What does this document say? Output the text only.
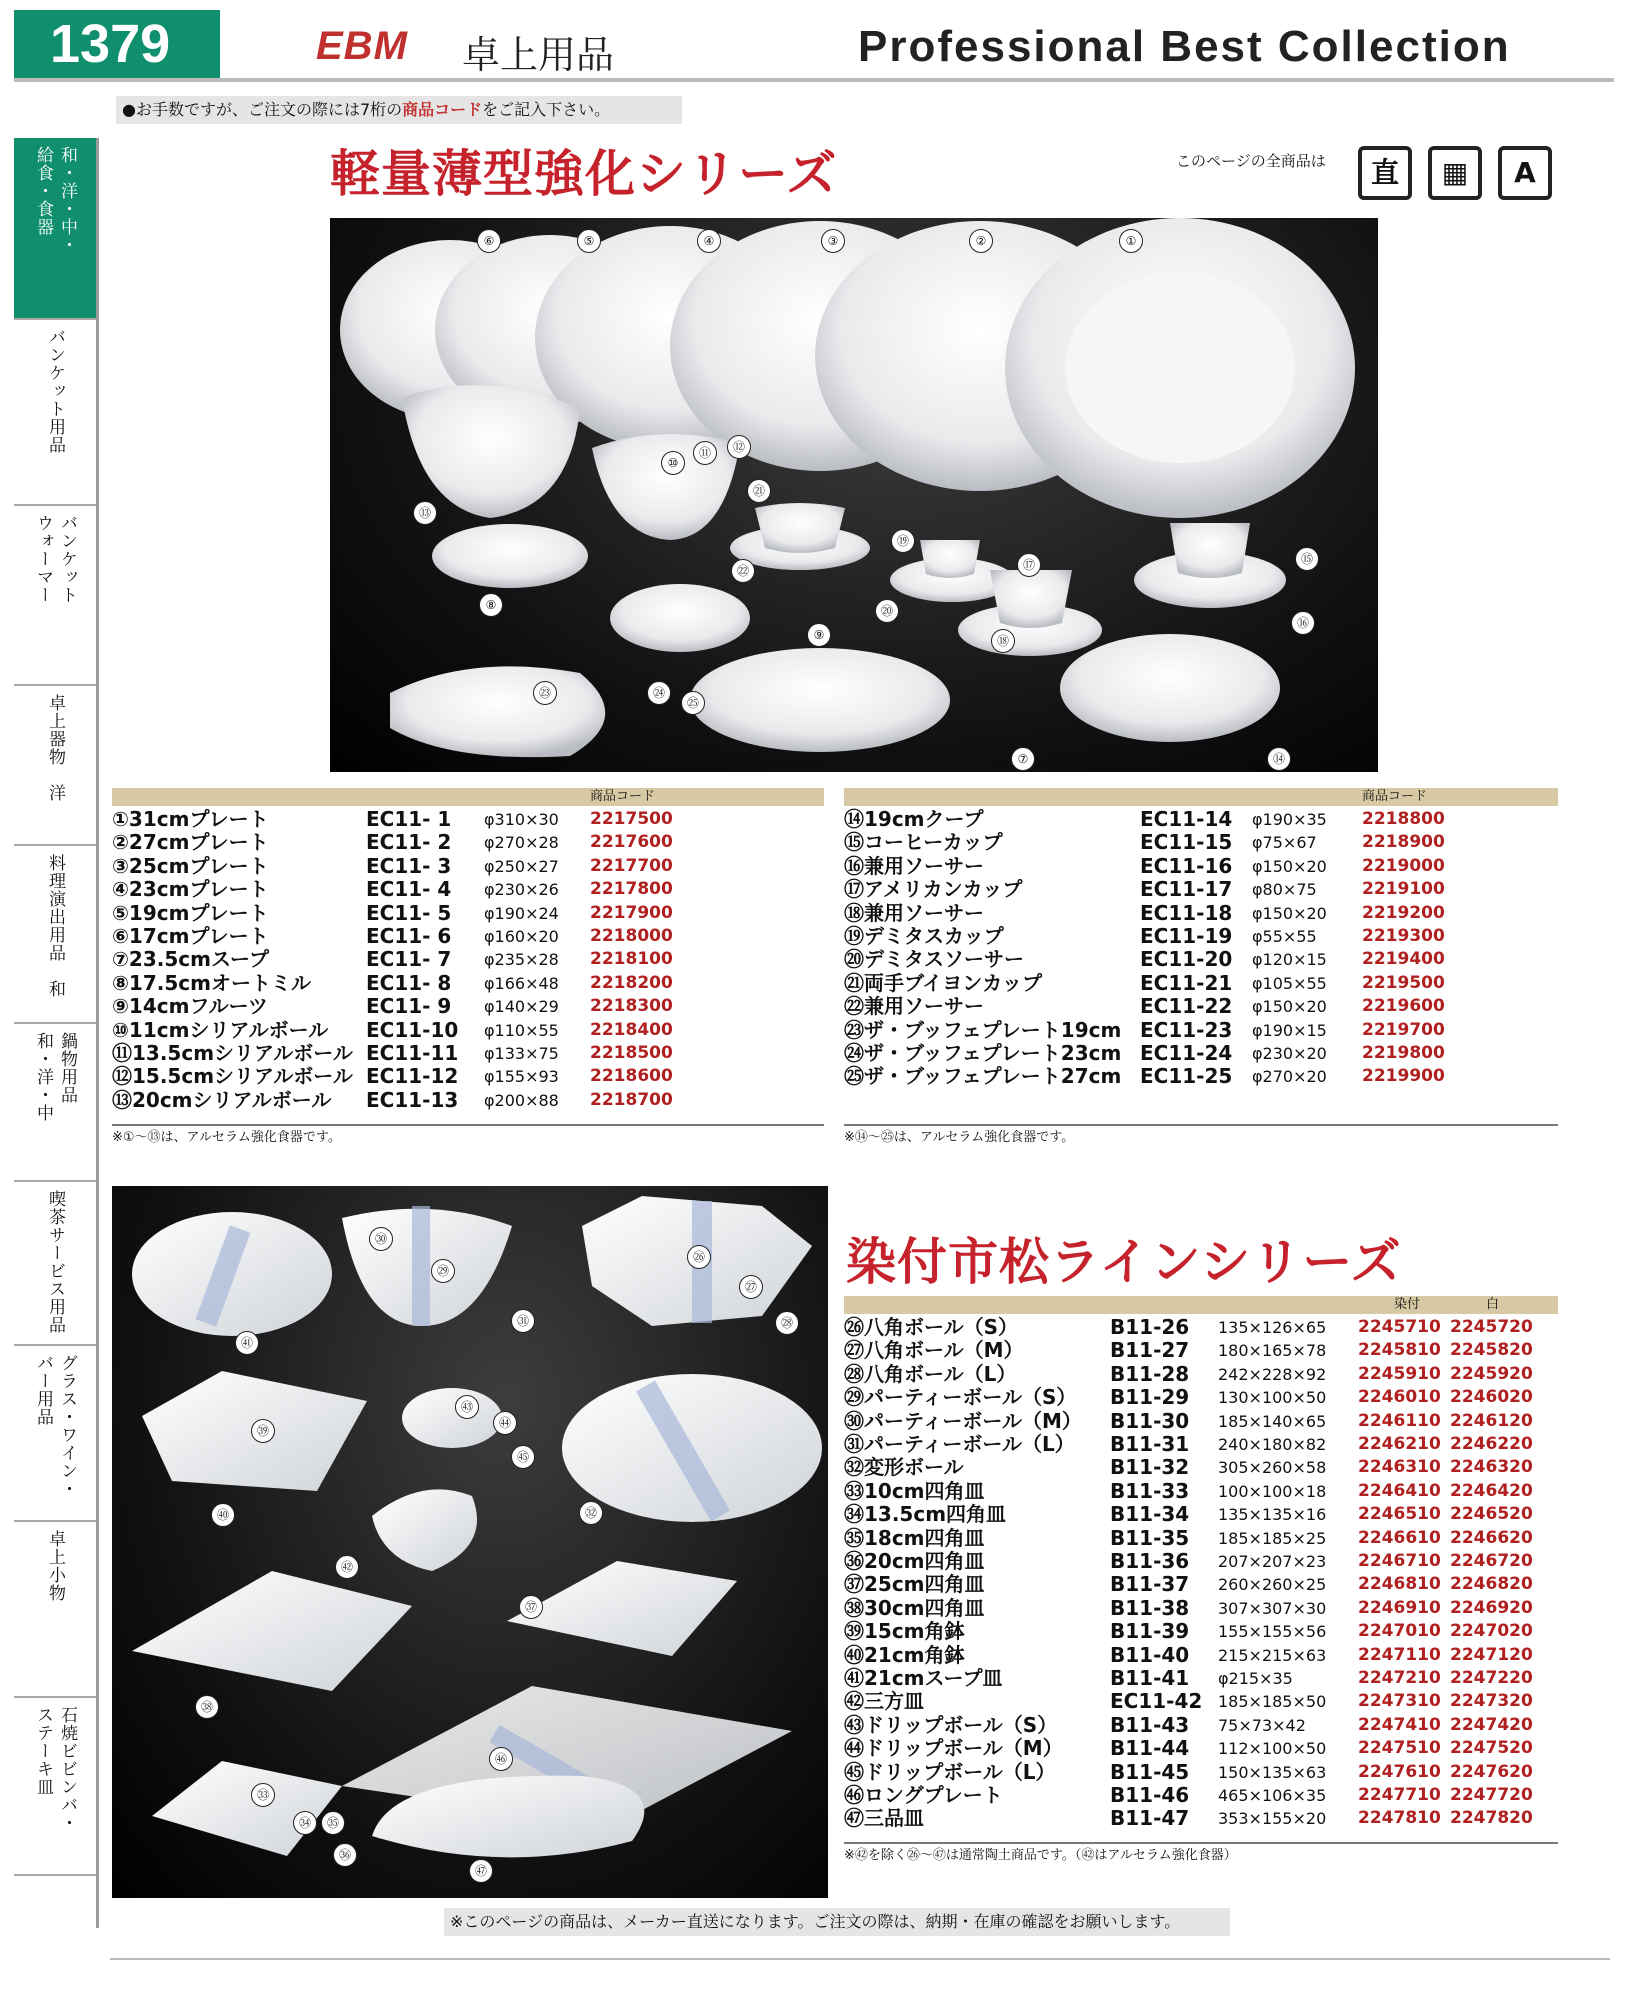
1379	EBM 卓上用品	Professional Best Collection
●お手数ですが、ご注文の際には7桁の商品コードをご記入下さい。
和・洋・中・
給食・食器
バンケット用品
バンケット
ウォーマー
卓上器物　洋
料理演出用品　和
鍋物用品
和・洋・中
喫茶サービス用品
グラス・ワイン・
バー用品
卓上小物
石焼ビビンバ・
ステーキ皿
軽量薄型強化シリーズ	このページの全商品は	直	▦	A
商品コード
①31cmプレート	EC11- 1 φ310×30 2217500
②27cmプレート	EC11- 2 φ270×28 2217600
③25cmプレート	EC11- 3 φ250×27 2217700
④23cmプレート	EC11- 4 φ230×26 2217800
⑤19cmプレート	EC11- 5 φ190×24 2217900
⑥17cmプレート	EC11- 6 φ160×20 2218000
⑦23.5cmスープ	EC11- 7 φ235×28 2218100
⑧17.5cmオートミル	EC11- 8 φ166×48 2218200
⑨14cmフルーツ	EC11- 9 φ140×29 2218300
⑩11cmシリアルボール EC11-10 φ110×55 2218400
⑪13.5cmシリアルボール EC11-11 φ133×75 2218500
⑫15.5cmシリアルボール EC11-12 φ155×93 2218600
⑬20cmシリアルボール EC11-13 φ200×88 2218700
※①〜⑬は、アルセラム強化食器です。
商品コード
⑭19cmクープ	EC11-14 φ190×35 2218800
⑮コーヒーカップ	EC11-15 φ75×67	2218900
⑯兼用ソーサー	EC11-16 φ150×20 2219000
⑰アメリカンカップ	EC11-17 φ80×75	2219100
⑱兼用ソーサー	EC11-18 φ150×20 2219200
⑲デミタスカップ	EC11-19 φ55×55	2219300
⑳デミタスソーサー	EC11-20 φ120×15 2219400
㉑両手ブイヨンカップ	EC11-21 φ105×55 2219500
㉒兼用ソーサー	EC11-22 φ150×20 2219600
㉓ザ・ブッフェプレート19cm EC11-23 φ190×15 2219700
㉔ザ・ブッフェプレート23cm EC11-24 φ230×20 2219800
㉕ザ・ブッフェプレート27cm EC11-25 φ270×20 2219900
※⑭〜㉕は、アルセラム強化食器です。
染付市松ラインシリーズ
染付	白
㉖八角ボール（S）	B11-26 135×126×65 2245710 2245720
㉗八角ボール（M）	B11-27 180×165×78 2245810 2245820
㉘八角ボール（L）	B11-28 242×228×92 2245910 2245920
㉙パーティーボール（S） B11-29 130×100×50 2246010 2246020
㉚パーティーボール（M） B11-30 185×140×65 2246110 2246120
㉛パーティーボール（L） B11-31 240×180×82 2246210 2246220
㉜変形ボール	B11-32 305×260×58 2246310 2246320
㉝10cm四角皿	B11-33 100×100×18 2246410 2246420
㉞13.5cm四角皿	B11-34 135×135×16 2246510 2246520
㉟18cm四角皿	B11-35 185×185×25 2246610 2246620
㊱20cm四角皿	B11-36 207×207×23 2246710 2246720
㊲25cm四角皿	B11-37 260×260×25 2246810 2246820
㊳30cm四角皿	B11-38 307×307×30 2246910 2246920
㊴15cm角鉢	B11-39 155×155×56 2247010 2247020
㊵21cm角鉢	B11-40 215×215×63 2247110 2247120
㊶21cmスープ皿	B11-41 φ215×35	2247210 2247220
㊷三方皿	EC11-42 185×185×50 2247310 2247320
㊸ドリップボール（S）	B11-43 75×73×42	2247410 2247420
㊹ドリップボール（M） B11-44 112×100×50 2247510 2247520
㊺ドリップボール（L）	B11-45 150×135×63 2247610 2247620
㊻ロングプレート	B11-46 465×106×35 2247710 2247720
㊼三品皿	B11-47 353×155×20 2247810 2247820
※㊷を除く㉖〜㊼は通常陶土商品です。（㊷はアルセラム強化食器）
※このページの商品は、メーカー直送になります。ご注文の際は、納期・在庫の確認をお願いします。
①
②
③
④
⑤
⑥
⑦
⑧
⑨
⑩
⑪	⑫
⑬
⑭
⑮
⑯
⑰
⑱
⑲
⑳
㉑
㉒
㉓	㉔
㉕
㉖
㉗
㉘
㉙
㉚
㉛
㉜
㉝
㉞	㉟
㊱
㊲
㊳
㊴
㊵
㊶
㊷
㊸
㊹
㊺
㊻
㊼
